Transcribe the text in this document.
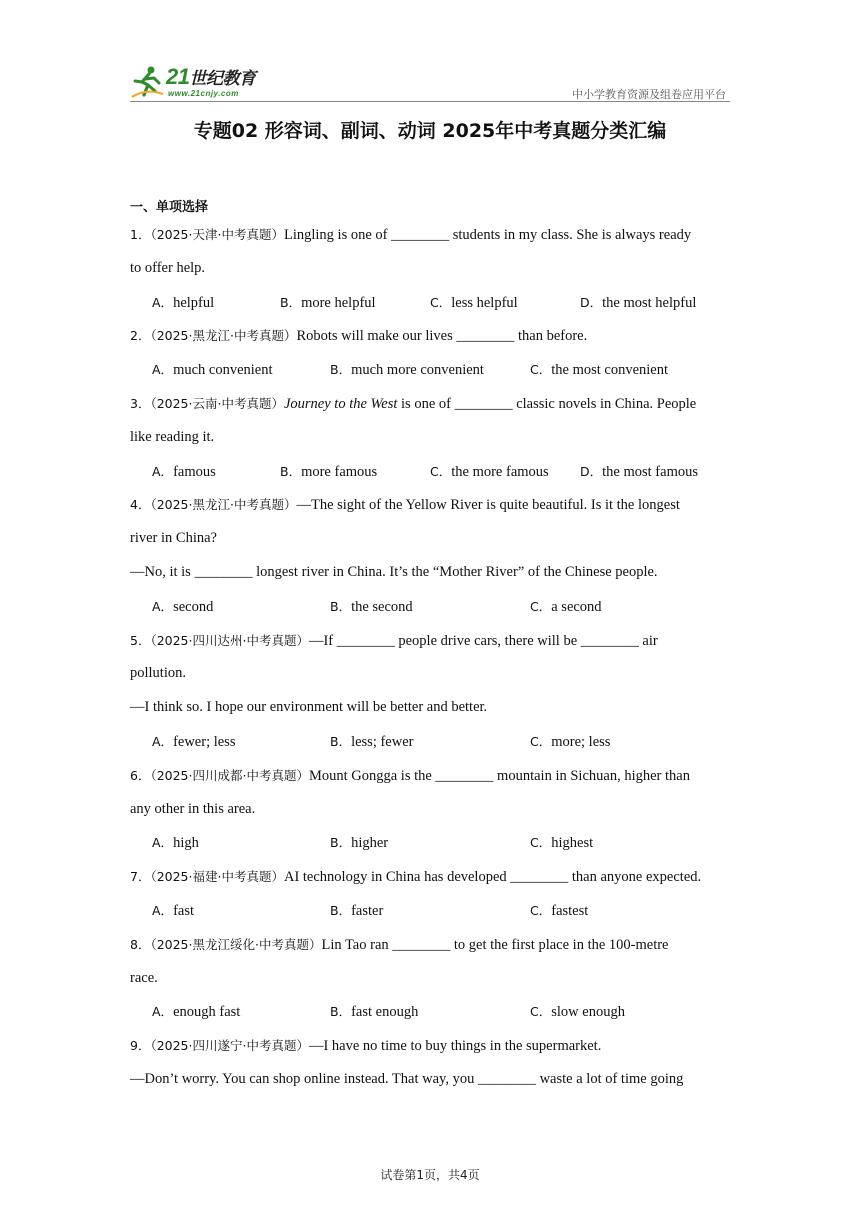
21世纪教育
www.21cnjy.com	中小学教育资源及组卷应用平台
专题02 形容词、副词、动词 2025年中考真题分类汇编
一、单项选择
1．（2025·天津·中考真题）Lingling is one of ________ students in my class. She is always ready
to offer help.
A．helpful	B．more helpful	C．less helpful	D．the most helpful
2．（2025·黑龙江·中考真题）Robots will make our lives ________ than before.
A．much convenient	B．much more convenient	C．the most convenient
3．（2025·云南·中考真题）Journey to the West is one of ________ classic novels in China. People
like reading it.
A．famous	B．more famous	C．the more famous	D．the most famous
4．（2025·黑龙江·中考真题）—The sight of the Yellow River is quite beautiful. Is it the longest
river in China?
—No, it is ________ longest river in China. It’s the “Mother River” of the Chinese people.
A．second	B．the second	C．a second
5．（2025·四川达州·中考真题）—If ________ people drive cars, there will be ________ air
pollution.
—I think so. I hope our environment will be better and better.
A．fewer; less	B．less; fewer	C．more; less
6．（2025·四川成都·中考真题）Mount Gongga is the ________ mountain in Sichuan, higher than
any other in this area.
A．high	B．higher	C．highest
7．（2025·福建·中考真题）AI technology in China has developed ________ than anyone expected.
A．fast	B．faster	C．fastest
8．（2025·黑龙江绥化·中考真题）Lin Tao ran ________ to get the first place in the 100-metre
race.
A．enough fast	B．fast enough	C．slow enough
9．（2025·四川遂宁·中考真题）—I have no time to buy things in the supermarket.
—Don’t worry. You can shop online instead. That way, you ________ waste a lot of time going
试卷第1页，共4页
